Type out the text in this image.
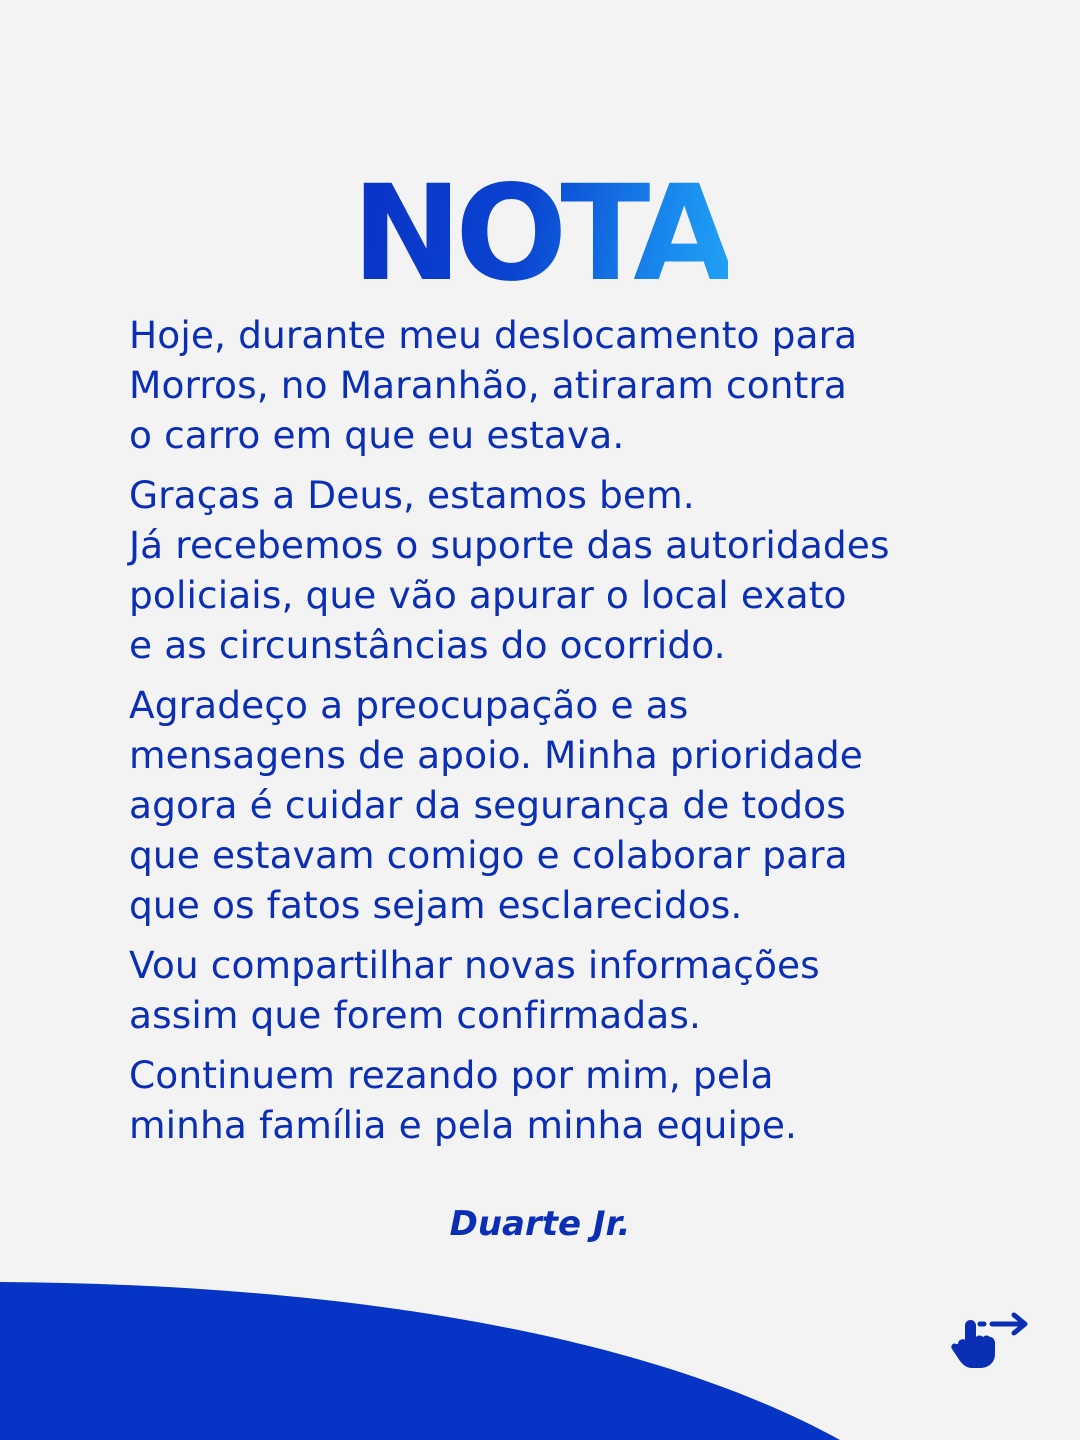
NOTA

Hoje, durante meu deslocamento para
Morros, no Maranhão, atiraram contra
o carro em que eu estava.

Graças a Deus, estamos bem.
Já recebemos o suporte das autoridades
policiais, que vão apurar o local exato
e as circunstâncias do ocorrido.

Agradeço a preocupação e as
mensagens de apoio. Minha prioridade
agora é cuidar da segurança de todos
que estavam comigo e colaborar para
que os fatos sejam esclarecidos.

Vou compartilhar novas informações
assim que forem confirmadas.

Continuem rezando por mim, pela
minha família e pela minha equipe.

Duarte Jr.
